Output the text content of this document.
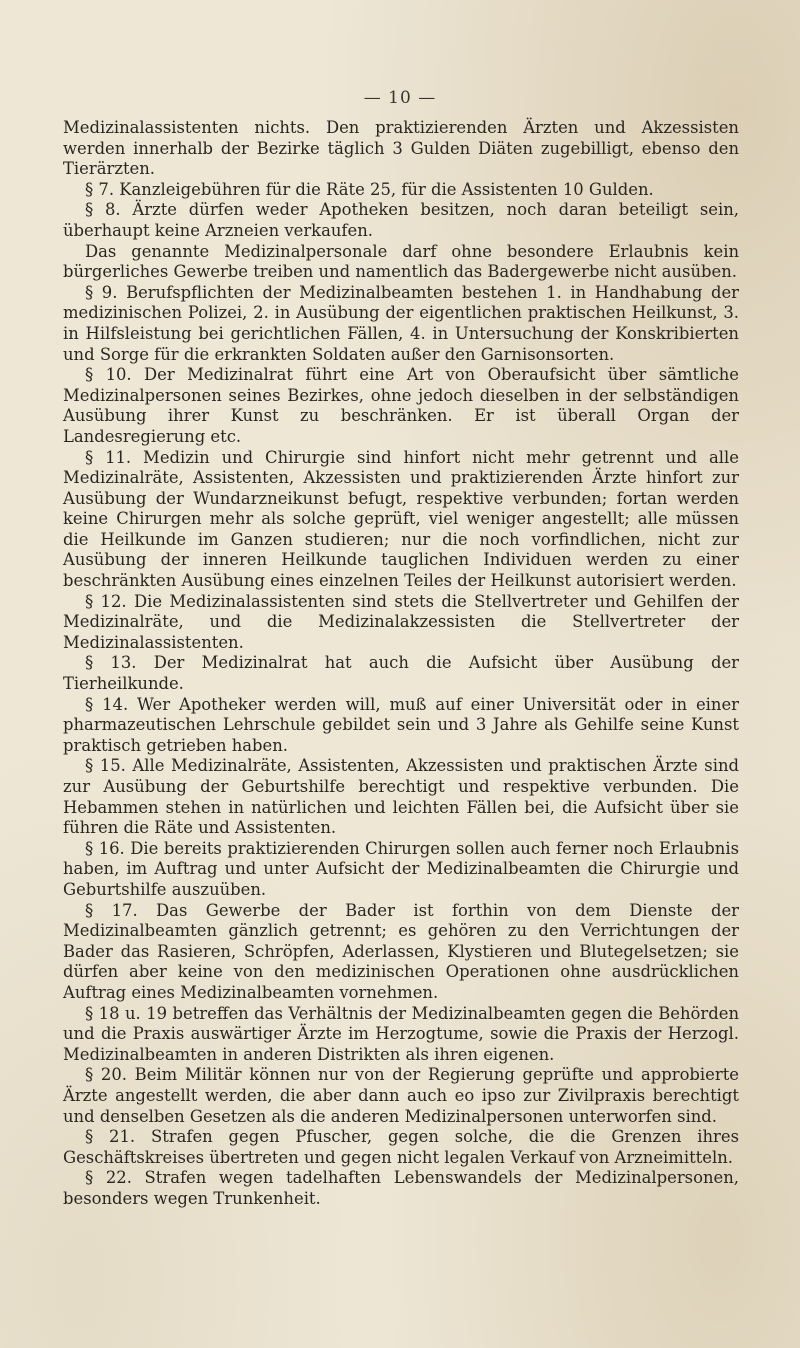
— 10 —

Medizinalassistenten nichts. Den praktizierenden Ärzten und Akzessisten werden innerhalb der Bezirke täglich 3 Gulden Diäten zugebilligt, ebenso den Tierärzten.

§ 7. Kanzleigebühren für die Räte 25, für die Assistenten 10 Gulden.

§ 8. Ärzte dürfen weder Apotheken besitzen, noch daran beteiligt sein, überhaupt keine Arzneien verkaufen.

Das genannte Medizinalpersonale darf ohne besondere Erlaubnis kein bürgerliches Gewerbe treiben und namentlich das Badergewerbe nicht ausüben.

§ 9. Berufspflichten der Medizinalbeamten bestehen 1. in Handhabung der medizinischen Polizei, 2. in Ausübung der eigentlichen praktischen Heilkunst, 3. in Hilfsleistung bei gerichtlichen Fällen, 4. in Untersuchung der Konskribierten und Sorge für die erkrankten Soldaten außer den Garnisonsorten.

§ 10. Der Medizinalrat führt eine Art von Oberaufsicht über sämtliche Medizinalpersonen seines Bezirkes, ohne jedoch dieselben in der selbständigen Ausübung ihrer Kunst zu beschränken. Er ist überall Organ der Landesregierung etc.

§ 11. Medizin und Chirurgie sind hinfort nicht mehr getrennt und alle Medizinalräte, Assistenten, Akzessisten und praktizierenden Ärzte hinfort zur Ausübung der Wundarzneikunst befugt, respektive verbunden; fortan werden keine Chirurgen mehr als solche geprüft, viel weniger angestellt; alle müssen die Heilkunde im Ganzen studieren; nur die noch vorfindlichen, nicht zur Ausübung der inneren Heilkunde tauglichen Individuen werden zu einer beschränkten Ausübung eines einzelnen Teiles der Heilkunst autorisiert werden.

§ 12. Die Medizinalassistenten sind stets die Stellvertreter und Gehilfen der Medizinalräte, und die Medizinalakzessisten die Stellvertreter der Medizinalassistenten.

§ 13. Der Medizinalrat hat auch die Aufsicht über Ausübung der Tierheilkunde.

§ 14. Wer Apotheker werden will, muß auf einer Universität oder in einer pharmazeutischen Lehrschule gebildet sein und 3 Jahre als Gehilfe seine Kunst praktisch getrieben haben.

§ 15. Alle Medizinalräte, Assistenten, Akzessisten und praktischen Ärzte sind zur Ausübung der Geburtshilfe berechtigt und respektive verbunden. Die Hebammen stehen in natürlichen und leichten Fällen bei, die Aufsicht über sie führen die Räte und Assistenten.

§ 16. Die bereits praktizierenden Chirurgen sollen auch ferner noch Erlaubnis haben, im Auftrag und unter Aufsicht der Medizinalbeamten die Chirurgie und Geburtshilfe auszuüben.

§ 17. Das Gewerbe der Bader ist forthin von dem Dienste der Medizinalbeamten gänzlich getrennt; es gehören zu den Verrichtungen der Bader das Rasieren, Schröpfen, Aderlassen, Klystieren und Blutegelsetzen; sie dürfen aber keine von den medizinischen Operationen ohne ausdrücklichen Auftrag eines Medizinalbeamten vornehmen.

§ 18 u. 19 betreffen das Verhältnis der Medizinalbeamten gegen die Behörden und die Praxis auswärtiger Ärzte im Herzogtume, sowie die Praxis der Herzogl. Medizinalbeamten in anderen Distrikten als ihren eigenen.

§ 20. Beim Militär können nur von der Regierung geprüfte und approbierte Ärzte angestellt werden, die aber dann auch eo ipso zur Zivilpraxis berechtigt und denselben Gesetzen als die anderen Medizinalpersonen unterworfen sind.

§ 21. Strafen gegen Pfuscher, gegen solche, die die Grenzen ihres Geschäftskreises übertreten und gegen nicht legalen Verkauf von Arzneimitteln.

§ 22. Strafen wegen tadelhaften Lebenswandels der Medizinalpersonen, besonders wegen Trunkenheit.
